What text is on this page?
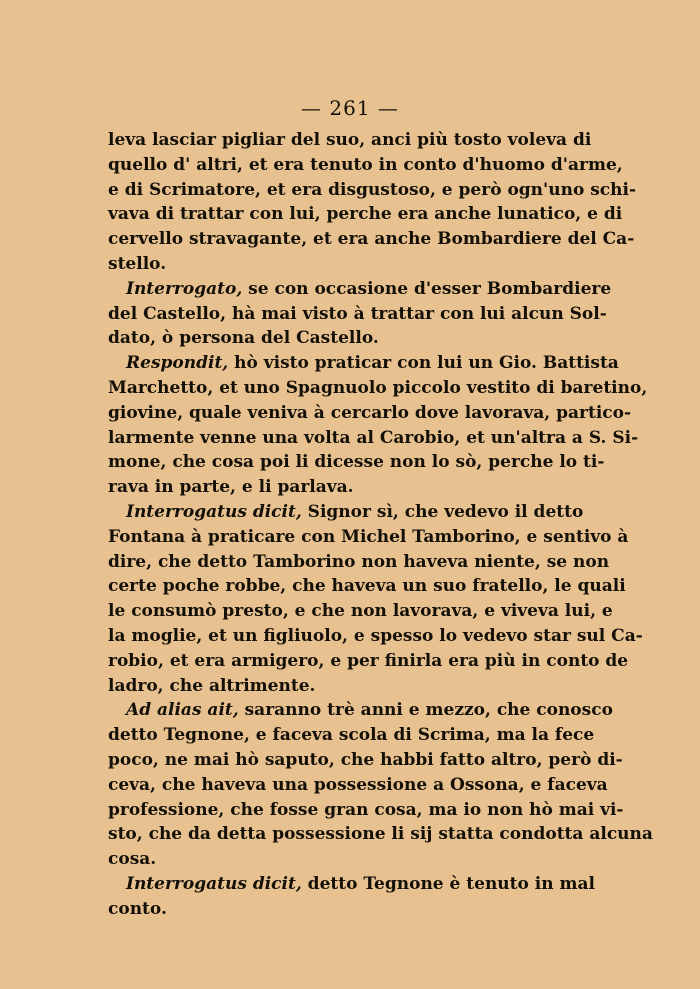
— 261 —
leva lasciar pigliar del suo, anci più tosto voleva di
quello d' altri, et era tenuto in conto d'huomo d'arme,
e di Scrimatore, et era disgustoso, e però ogn'uno schi-
vava di trattar con lui, perche era anche lunatico, e di
cervello stravagante, et era anche Bombardiere del Ca-
stello.
Interrogato, se con occasione d'esser Bombardiere
del Castello, hà mai visto à trattar con lui alcun Sol-
dato, ò persona del Castello.
Respondit, hò visto praticar con lui un Gio. Battista
Marchetto, et uno Spagnuolo piccolo vestito di baretino,
giovine, quale veniva à cercarlo dove lavorava, partico-
larmente venne una volta al Carobio, et un'altra a S. Si-
mone, che cosa poi li dicesse non lo sò, perche lo ti-
rava in parte, e li parlava.
Interrogatus dicit, Signor sì, che vedevo il detto
Fontana à praticare con Michel Tamborino, e sentivo à
dire, che detto Tamborino non haveva niente, se non
certe poche robbe, che haveva un suo fratello, le quali
le consumò presto, e che non lavorava, e viveva lui, e
la moglie, et un figliuolo, e spesso lo vedevo star sul Ca-
robio, et era armigero, e per finirla era più in conto de
ladro, che altrimente.
Ad alias ait, saranno trè anni e mezzo, che conosco
detto Tegnone, e faceva scola di Scrima, ma la fece
poco, ne mai hò saputo, che habbi fatto altro, però di-
ceva, che haveva una possessione a Ossona, e faceva
professione, che fosse gran cosa, ma io non hò mai vi-
sto, che da detta possessione li sij statta condotta alcuna
cosa.
Interrogatus dicit, detto Tegnone è tenuto in mal
conto.
